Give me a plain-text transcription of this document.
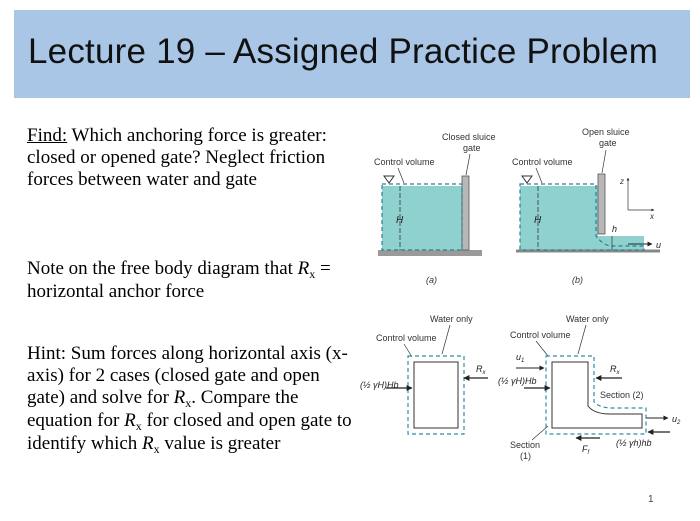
Lecture 19 – Assigned Practice Problem
Find: Which anchoring force is greater: closed or opened gate? Neglect friction forces between water and gate
Note on the free body diagram that $R_x$ = horizontal anchor force
Hint: Sum forces along horizontal axis (x-axis) for 2 cases (closed gate and open gate) and solve for $R_x$. Compare the equation for $R_x$ for closed and open gate to identify which $R_x$ value is greater
H
Control volume
Closed sluice
gate
(a)
H
h
u
z
x
Control volume
Open sluice
gate
(b)
Water only
Control volume
(½ γH)Hb
$R_x$
Water only
Control volume
$u_1$
(½ γH)Hb
$R_x$
Section (2)
$u_2$
(½ γh)hb
$F_f$
Section
(1)
1
